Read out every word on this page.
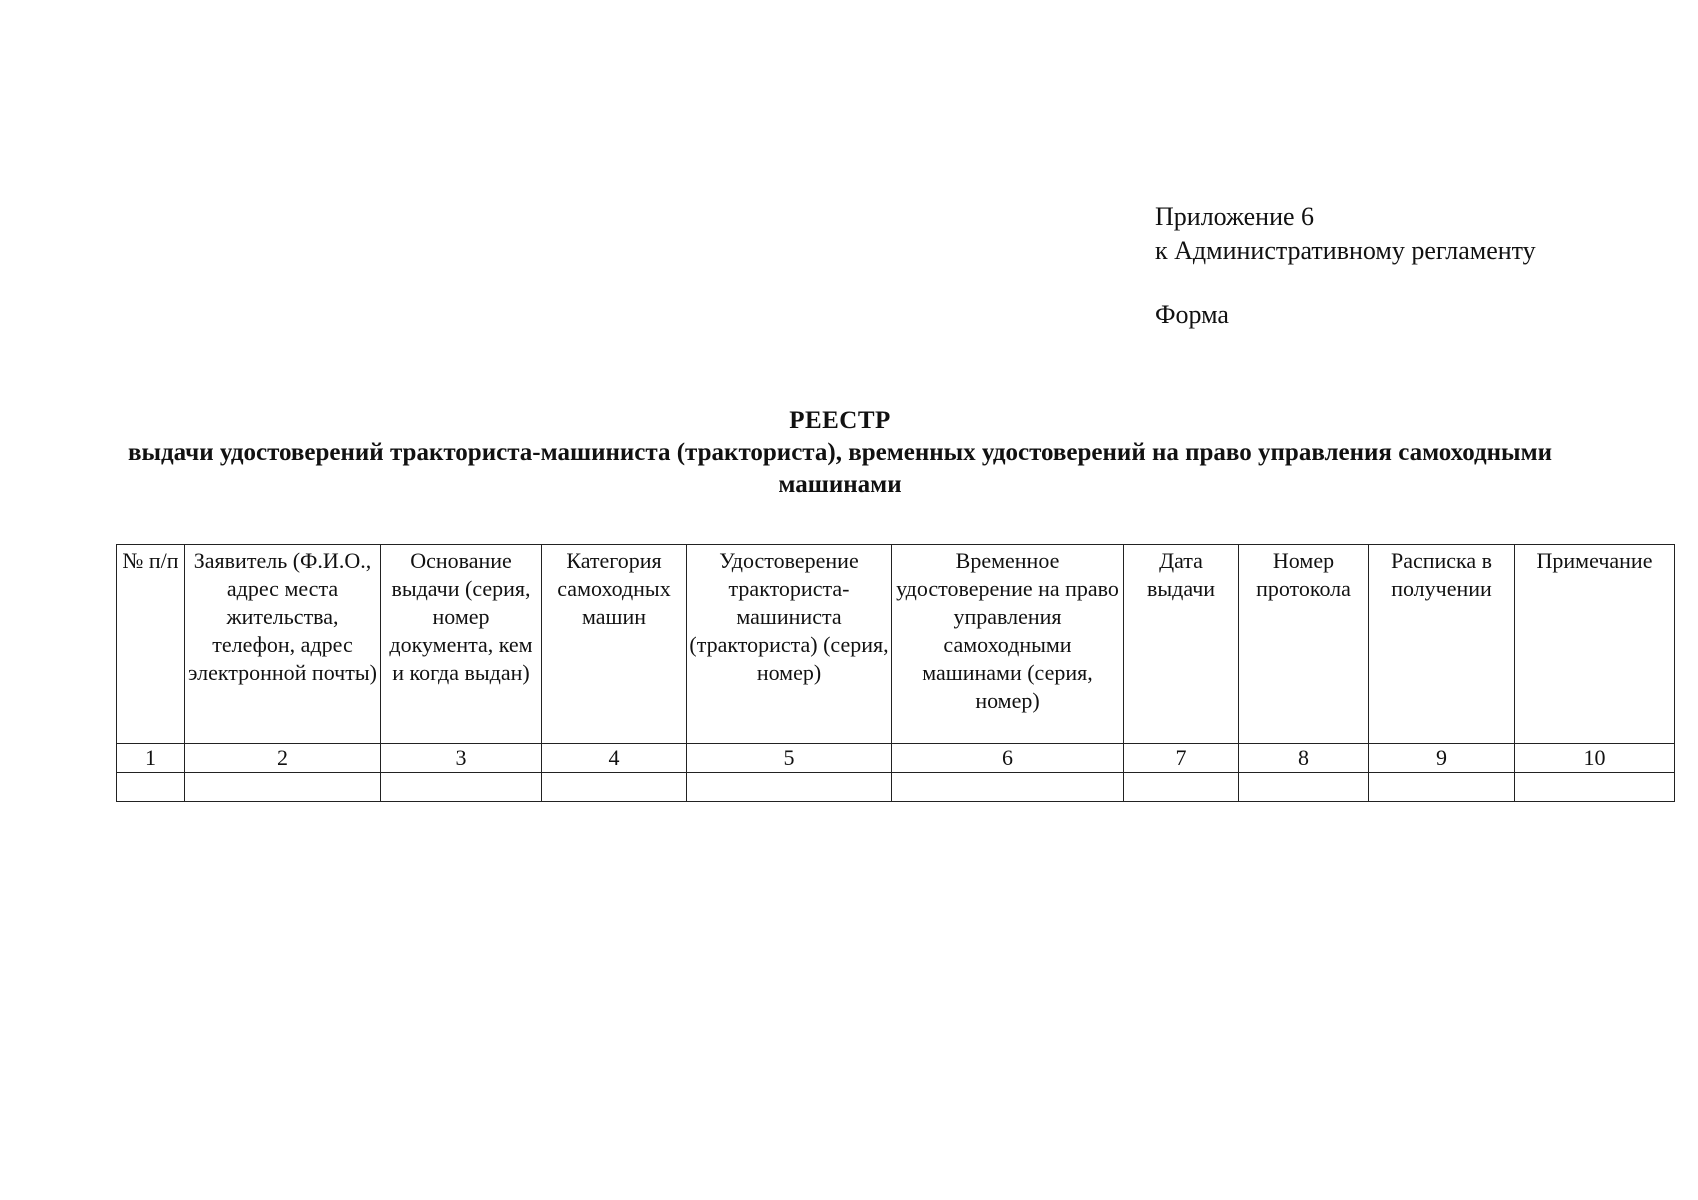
Приложение 6
к Административному регламенту
Форма
РЕЕСТР
выдачи удостоверений тракториста-машиниста (тракториста), временных удостоверений на право управления самоходными машинами
№ п/п	Заявитель (Ф.И.О., адрес места жительства, телефон, адрес электронной почты)	Основание выдачи (серия, номер документа, кем и когда выдан)	Категория самоходных машин	Удостоверение тракториста-машиниста (тракториста) (серия, номер)	Временное удостоверение на право управления самоходными машинами (серия, номер)	Дата выдачи	Номер протокола	Расписка в получении	Примечание
1	2	3	4	5	6	7	8	9	10
